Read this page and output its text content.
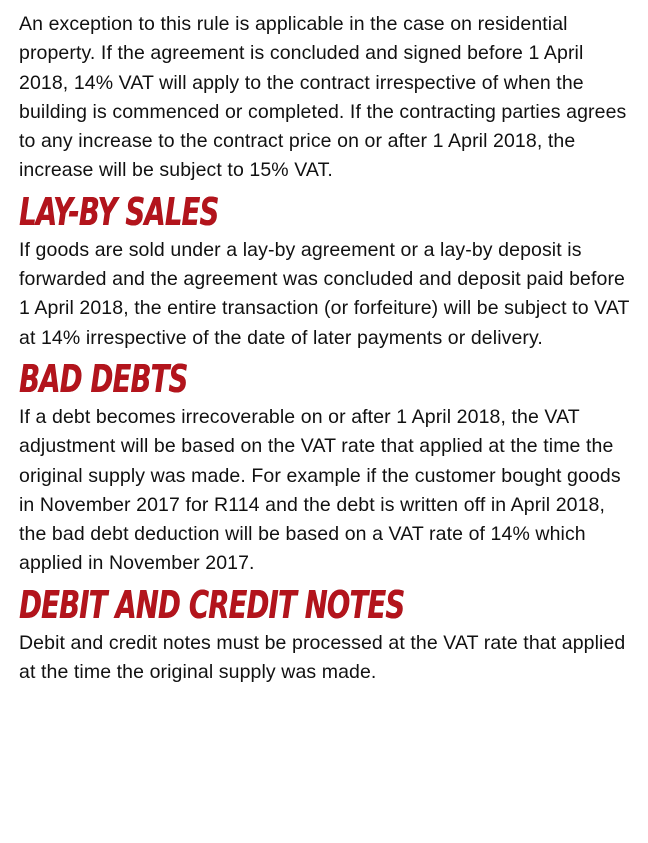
An exception to this rule is applicable in the case on residential property. If the agreement is concluded and signed before 1 April 2018, 14% VAT will apply to the contract irrespective of when the building is commenced or completed. If the contracting parties agrees to any increase to the contract price on or after 1 April 2018, the increase will be subject to 15% VAT.

LAY-BY SALES

If goods are sold under a lay-by agreement or a lay-by deposit is forwarded and the agreement was concluded and deposit paid before 1 April 2018, the entire transaction (or forfeiture) will be subject to VAT at 14% irrespective of the date of later payments or delivery.

BAD DEBTS

If a debt becomes irrecoverable on or after 1 April 2018, the VAT adjustment will be based on the VAT rate that applied at the time the original supply was made. For example if the customer bought goods in November 2017 for R114 and the debt is written off in April 2018, the bad debt deduction will be based on a VAT rate of 14% which applied in November 2017.

DEBIT AND CREDIT NOTES

Debit and credit notes must be processed at the VAT rate that applied at the time the original supply was made.
